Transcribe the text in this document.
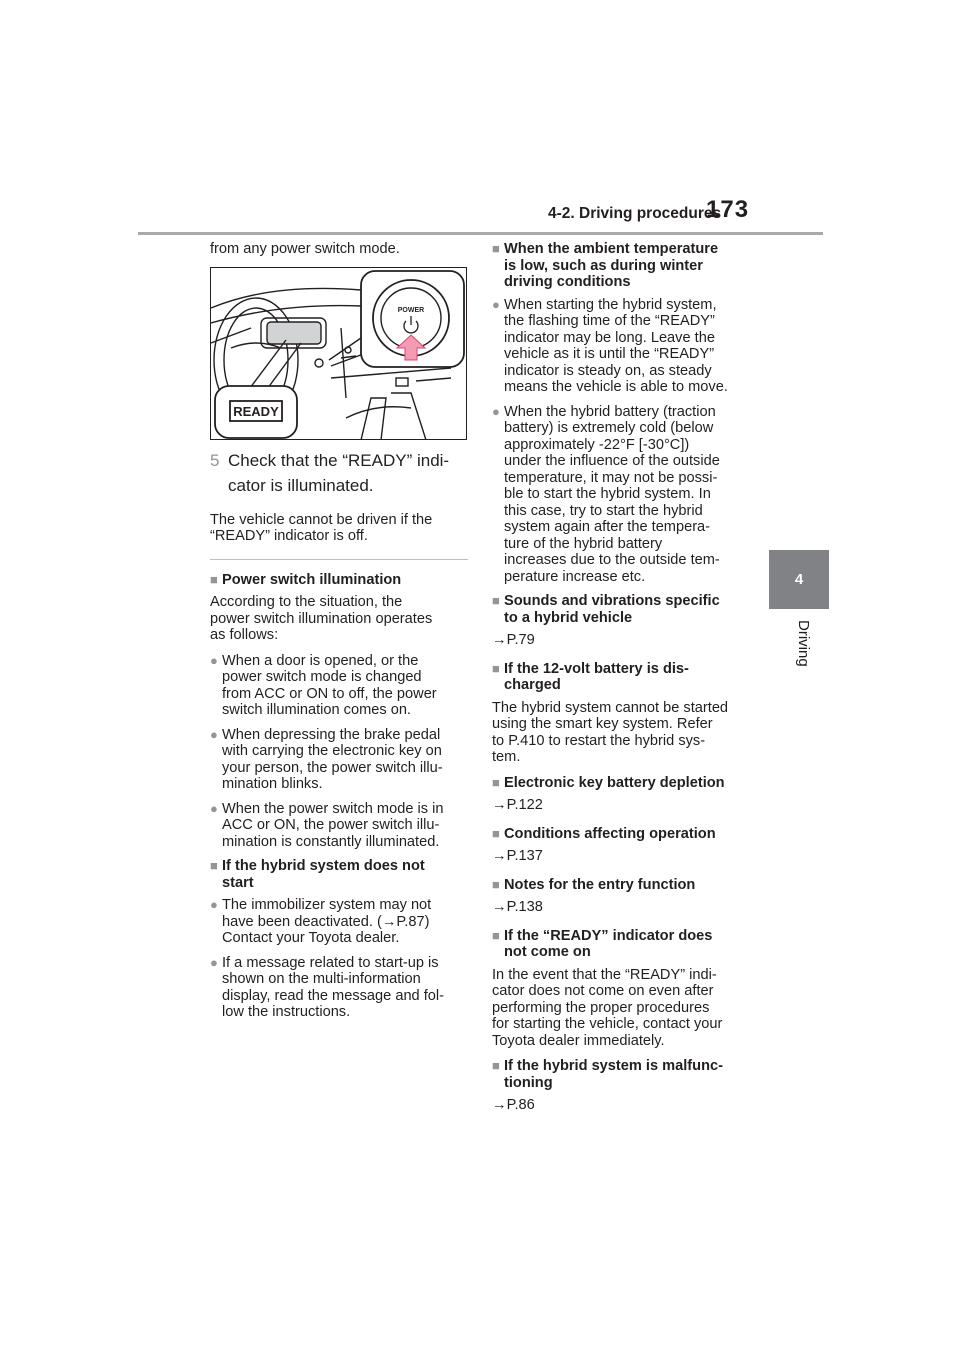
4-2. Driving procedures
173
4
Driving

from any power switch mode.

READY
POWER
5 Check that the “READY” indi-
cator is illuminated.

The vehicle cannot be driven if the
“READY” indicator is off.

■ Power switch illumination

According to the situation, the
power switch illumination operates
as follows:

● When a door is opened, or the
power switch mode is changed
from ACC or ON to off, the power
switch illumination comes on.
● When depressing the brake pedal
with carrying the electronic key on
your person, the power switch illu-
mination blinks.
● When the power switch mode is in
ACC or ON, the power switch illu-
mination is constantly illuminated.
■ If the hybrid system does not
start
● The immobilizer system may not
have been deactivated. (→P.87)
Contact your Toyota dealer.
● If a message related to start-up is
shown on the multi-information
display, read the message and fol-
low the instructions.
■ When the ambient temperature
is low, such as during winter
driving conditions
● When starting the hybrid system,
the flashing time of the “READY”
indicator may be long. Leave the
vehicle as it is until the “READY”
indicator is steady on, as steady
means the vehicle is able to move.
● When the hybrid battery (traction
battery) is extremely cold (below
approximately -22°F [-30°C])
under the influence of the outside
temperature, it may not be possi-
ble to start the hybrid system. In
this case, try to start the hybrid
system again after the tempera-
ture of the hybrid battery
increases due to the outside tem-
perature increase etc.
■ Sounds and vibrations specific
to a hybrid vehicle

→P.79

■ If the 12-volt battery is dis-
charged

The hybrid system cannot be started
using the smart key system. Refer
to P.410 to restart the hybrid sys-
tem.

■ Electronic key battery depletion

→P.122

■ Conditions affecting operation

→P.137

■ Notes for the entry function

→P.138

■ If the “READY” indicator does
not come on

In the event that the “READY” indi-
cator does not come on even after
performing the proper procedures
for starting the vehicle, contact your
Toyota dealer immediately.

■ If the hybrid system is malfunc-
tioning

→P.86
